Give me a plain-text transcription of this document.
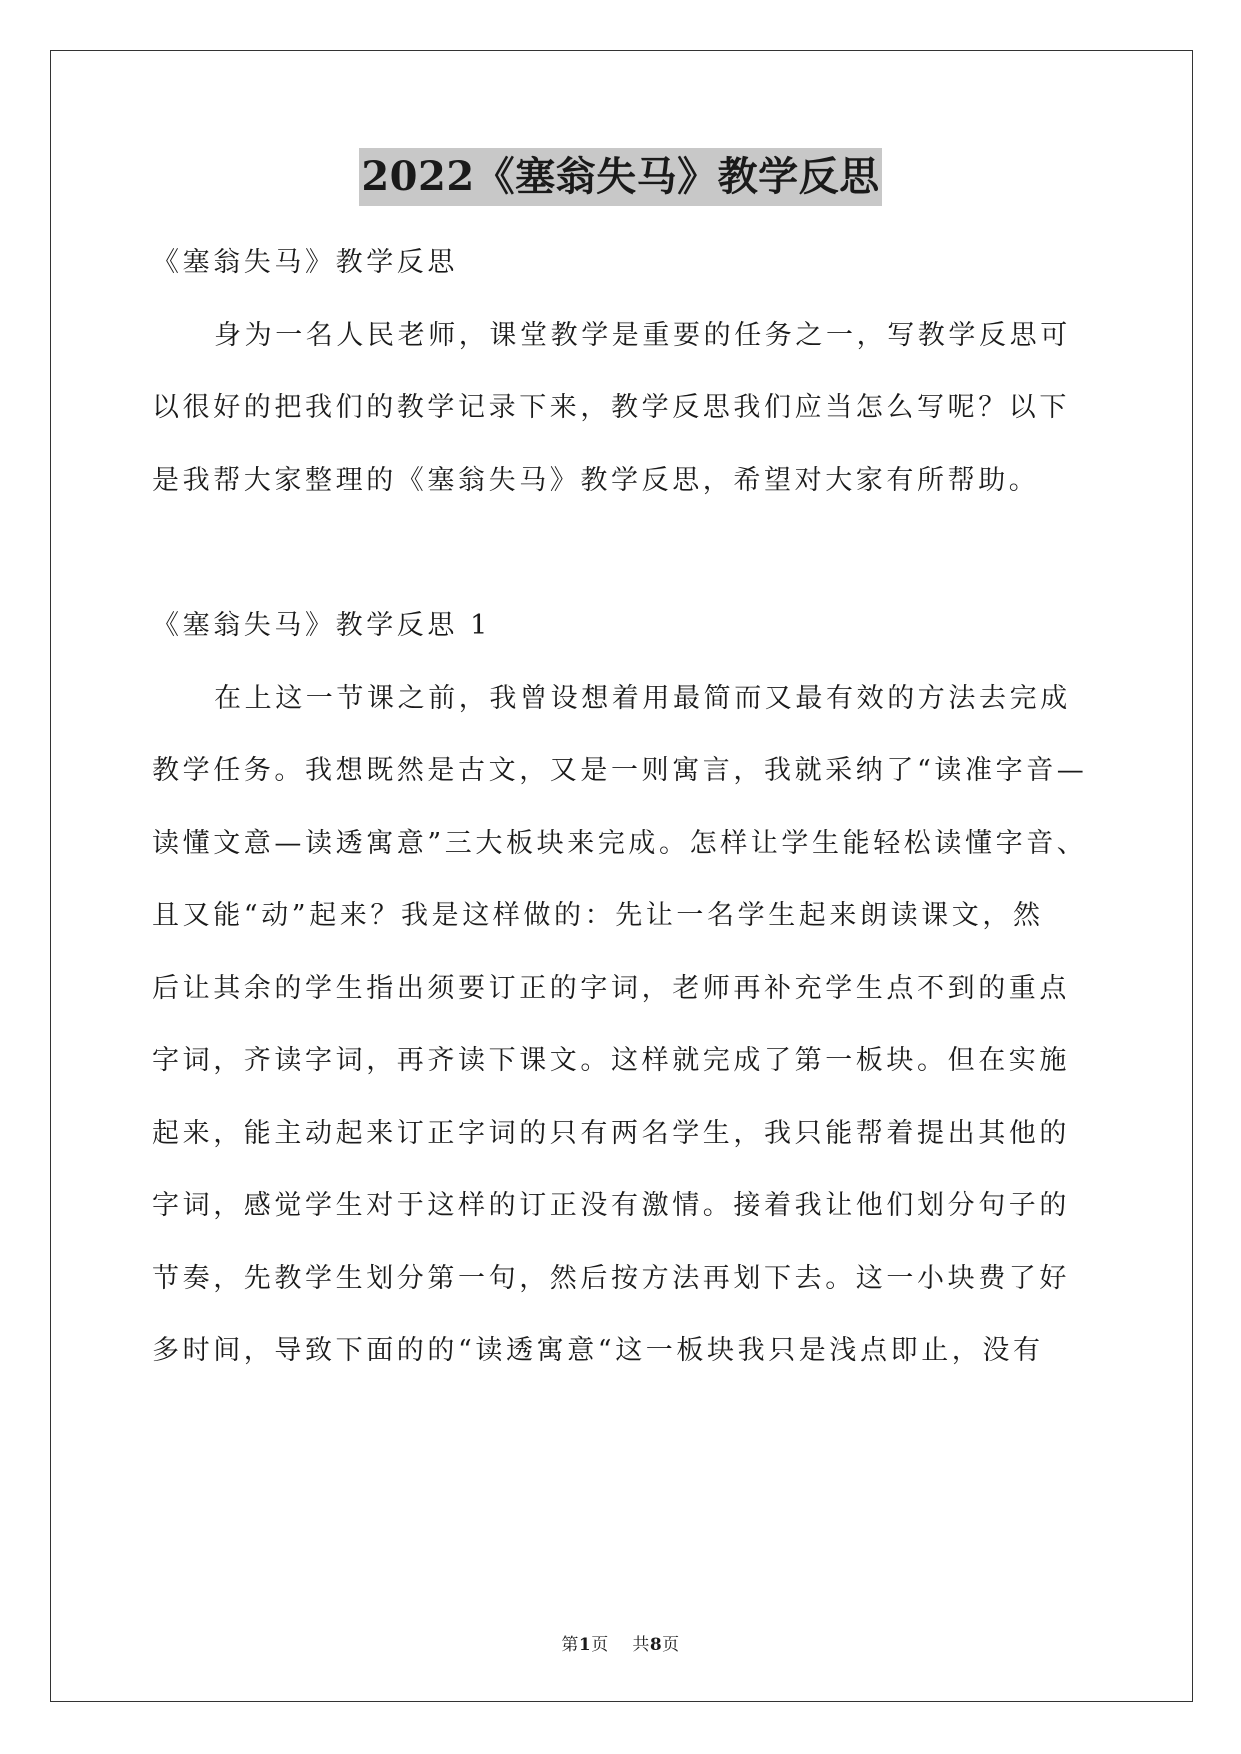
2022《塞翁失马》教学反思
《塞翁失马》教学反思
身为一名人民老师，课堂教学是重要的任务之一，写教学反思可
以很好的把我们的教学记录下来，教学反思我们应当怎么写呢？以下
是我帮大家整理的《塞翁失马》教学反思，希望对大家有所帮助。
《塞翁失马》教学反思 1
在上这一节课之前，我曾设想着用最简而又最有效的方法去完成
教学任务。我想既然是古文，又是一则寓言，我就采纳了“读准字音—
读懂文意—读透寓意”三大板块来完成。怎样让学生能轻松读懂字音、
且又能“动”起来？我是这样做的：先让一名学生起来朗读课文，然
后让其余的学生指出须要订正的字词，老师再补充学生点不到的重点
字词，齐读字词，再齐读下课文。这样就完成了第一板块。但在实施
起来，能主动起来订正字词的只有两名学生，我只能帮着提出其他的
字词，感觉学生对于这样的订正没有激情。接着我让他们划分句子的
节奏，先教学生划分第一句，然后按方法再划下去。这一小块费了好
多时间，导致下面的的“读透寓意“这一板块我只是浅点即止，没有
第1页 共8页
